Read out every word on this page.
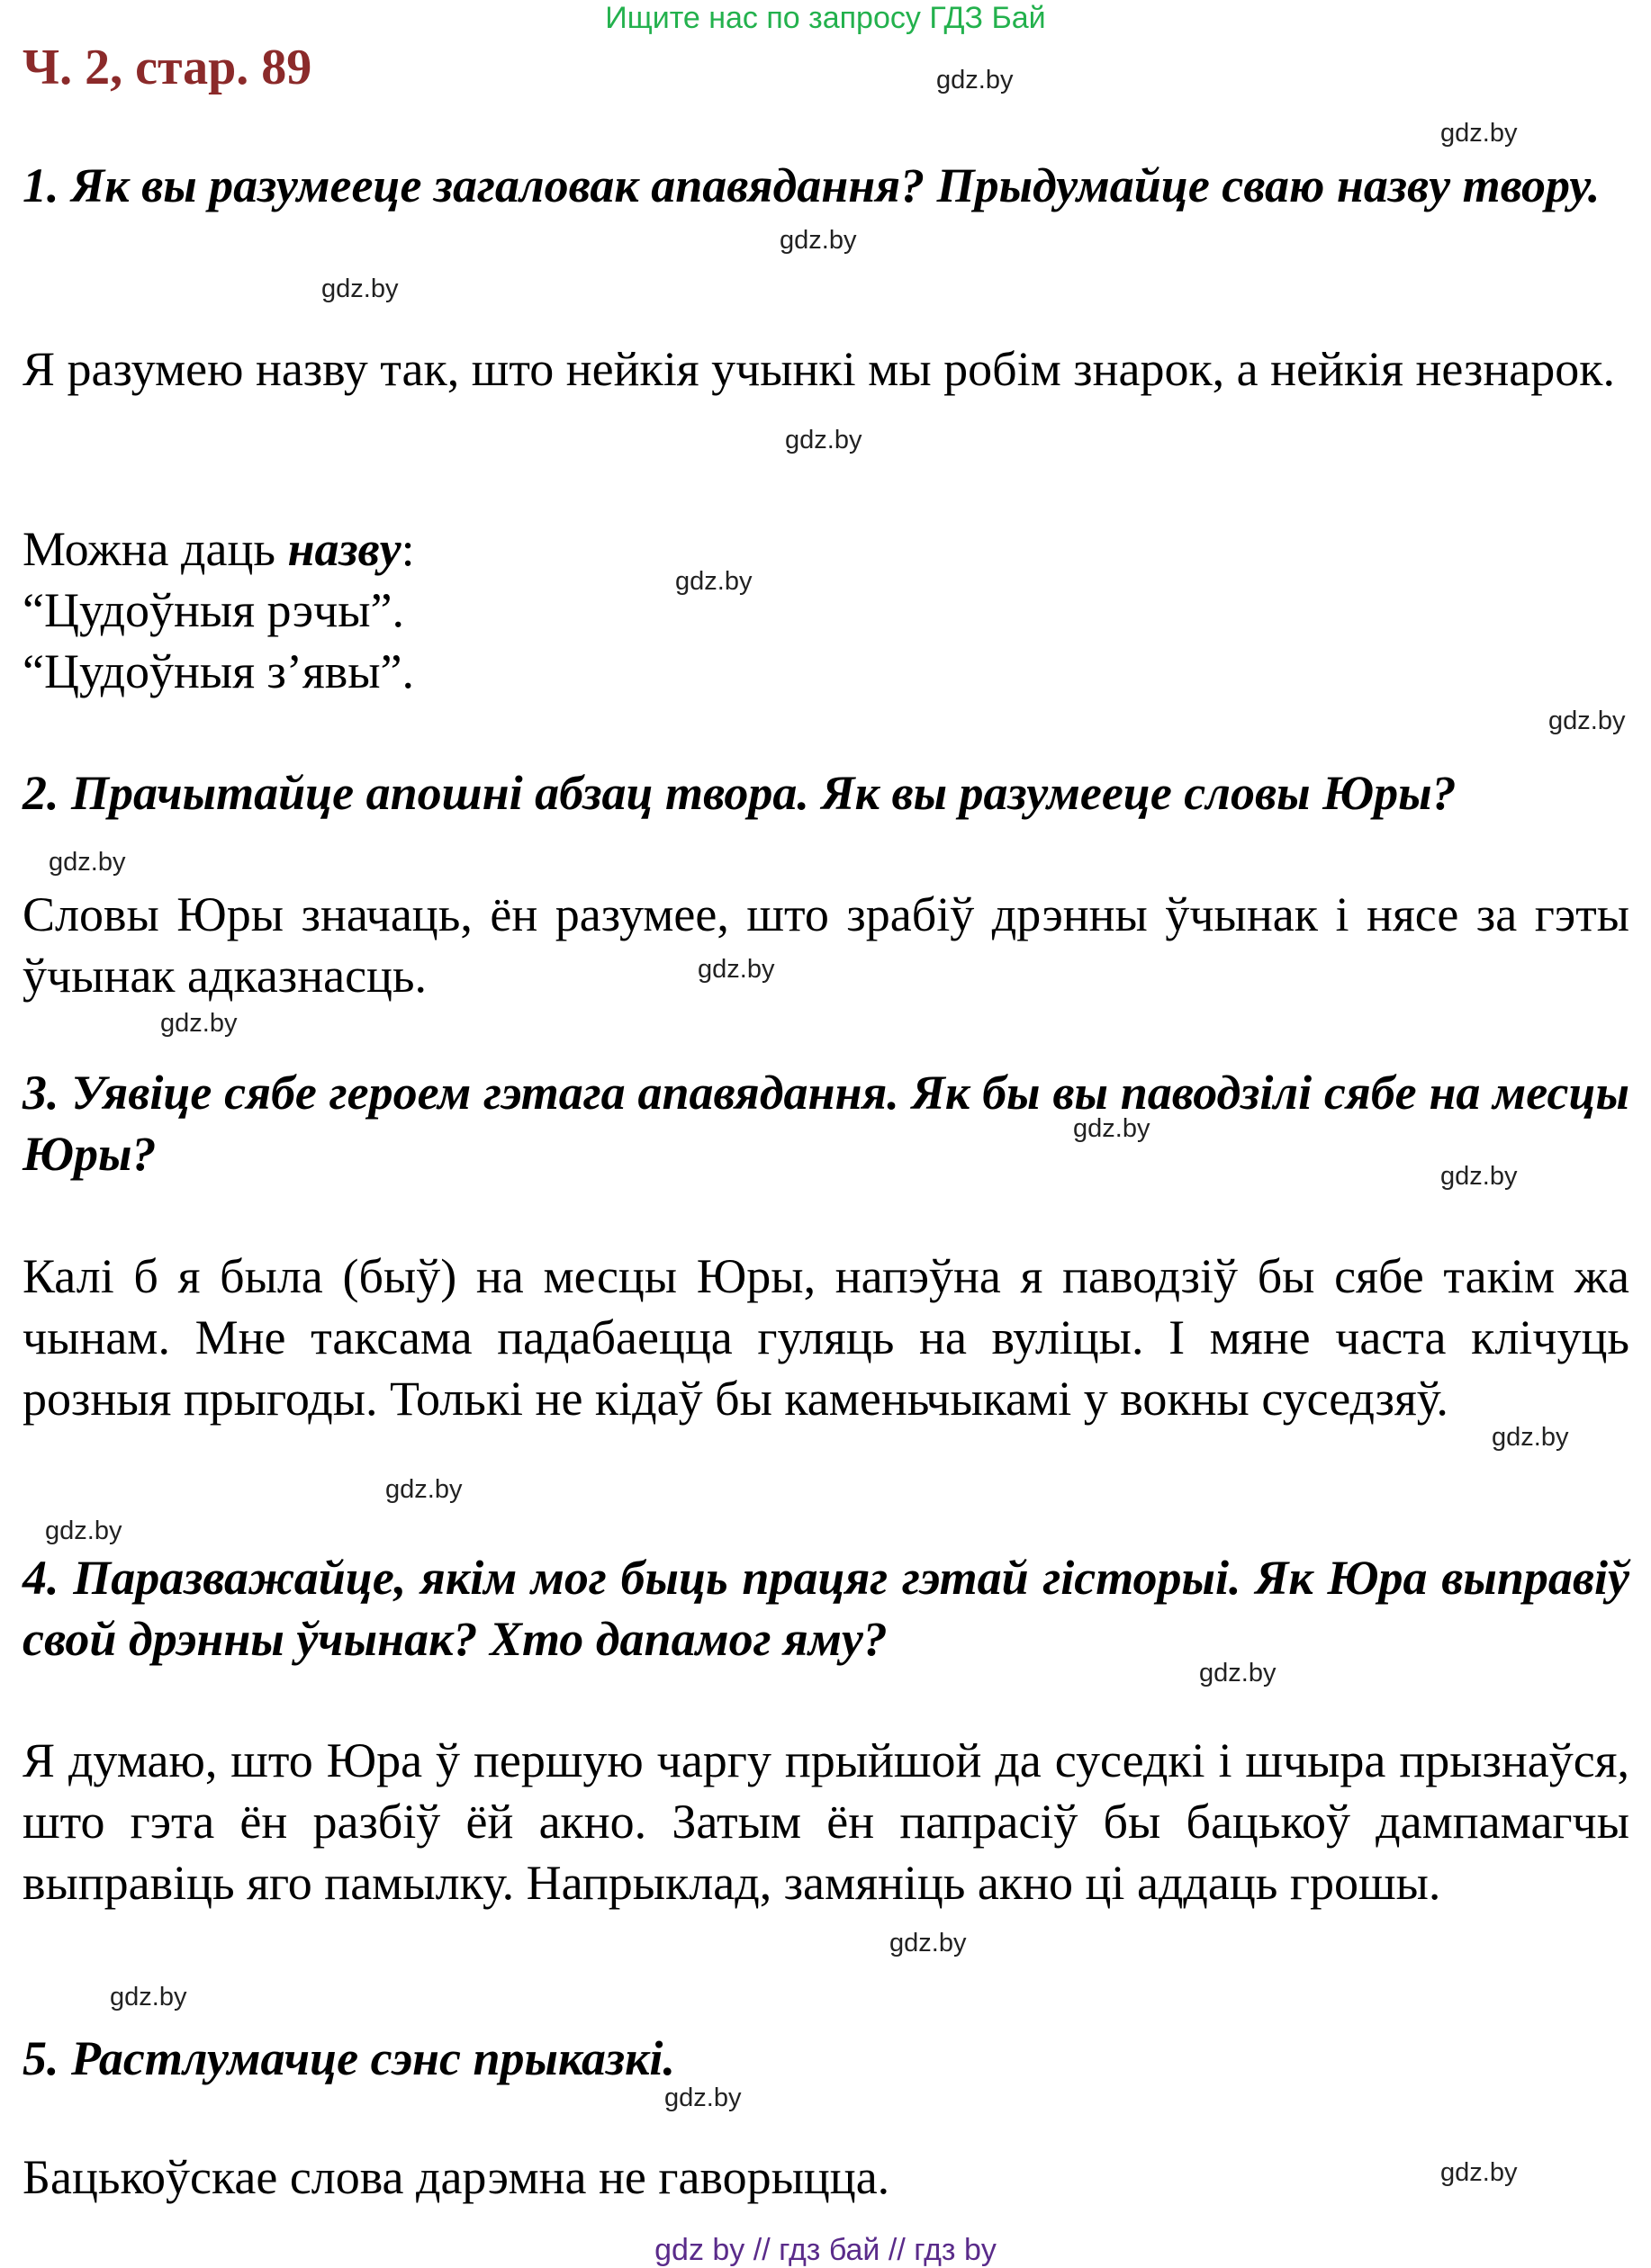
Ищите нас по запросу ГДЗ Бай
Ч. 2, стар. 89

1. Як вы разумееце загаловак апавядання? Прыдумайце сваю назву твору.

Я разумею назву так, што нейкія учынкі мы робім знарок, а нейкія незнарок.

Можна даць назву:
“Цудоўныя рэчы”.
“Цудоўныя з’явы”.

2. Прачытайце апошні абзац твора. Як вы разумееце словы Юры?

Словы Юры значаць, ён разумее, што зрабіў дрэнны ўчынак і нясе за гэты ўчынак адказнасць.

3. Уявіце сябе героем гэтага апавядання. Як бы вы паводзілі сябе на месцы Юры?

Калі б я была (быў) на месцы Юры, напэўна я паводзіў бы сябе такім жа чынам. Мне таксама падабаецца гуляць на вуліцы. І мяне часта клічуць розныя прыгоды. Толькі не кідаў бы каменьчыкамі у вокны суседзяў.

4. Паразважайце, якім мог быць працяг гэтай гісторыі. Як Юра выправіў свой дрэнны ўчынак? Хто дапамог яму?

Я думаю, што Юра ў першую чаргу прыйшой да суседкі і шчыра прызнаўся, што гэта ён разбіў ёй акно. Затым ён папрасіў бы бацькоў дампамагчы выправіць яго памылку. Напрыклад, замяніць акно ці аддаць грошы.

5. Растлумачце сэнс прыказкі.

Бацькоўскае слова дарэмна не гаворыцца.

gdz.by
gdz.by
gdz.by
gdz.by
gdz.by
gdz.by
gdz.by
gdz.by
gdz.by
gdz.by
gdz.by
gdz.by
gdz.by
gdz.by
gdz.by
gdz.by
gdz.by
gdz.by
gdz.by
gdz.by
gdz by // гдз бай // гдз by
